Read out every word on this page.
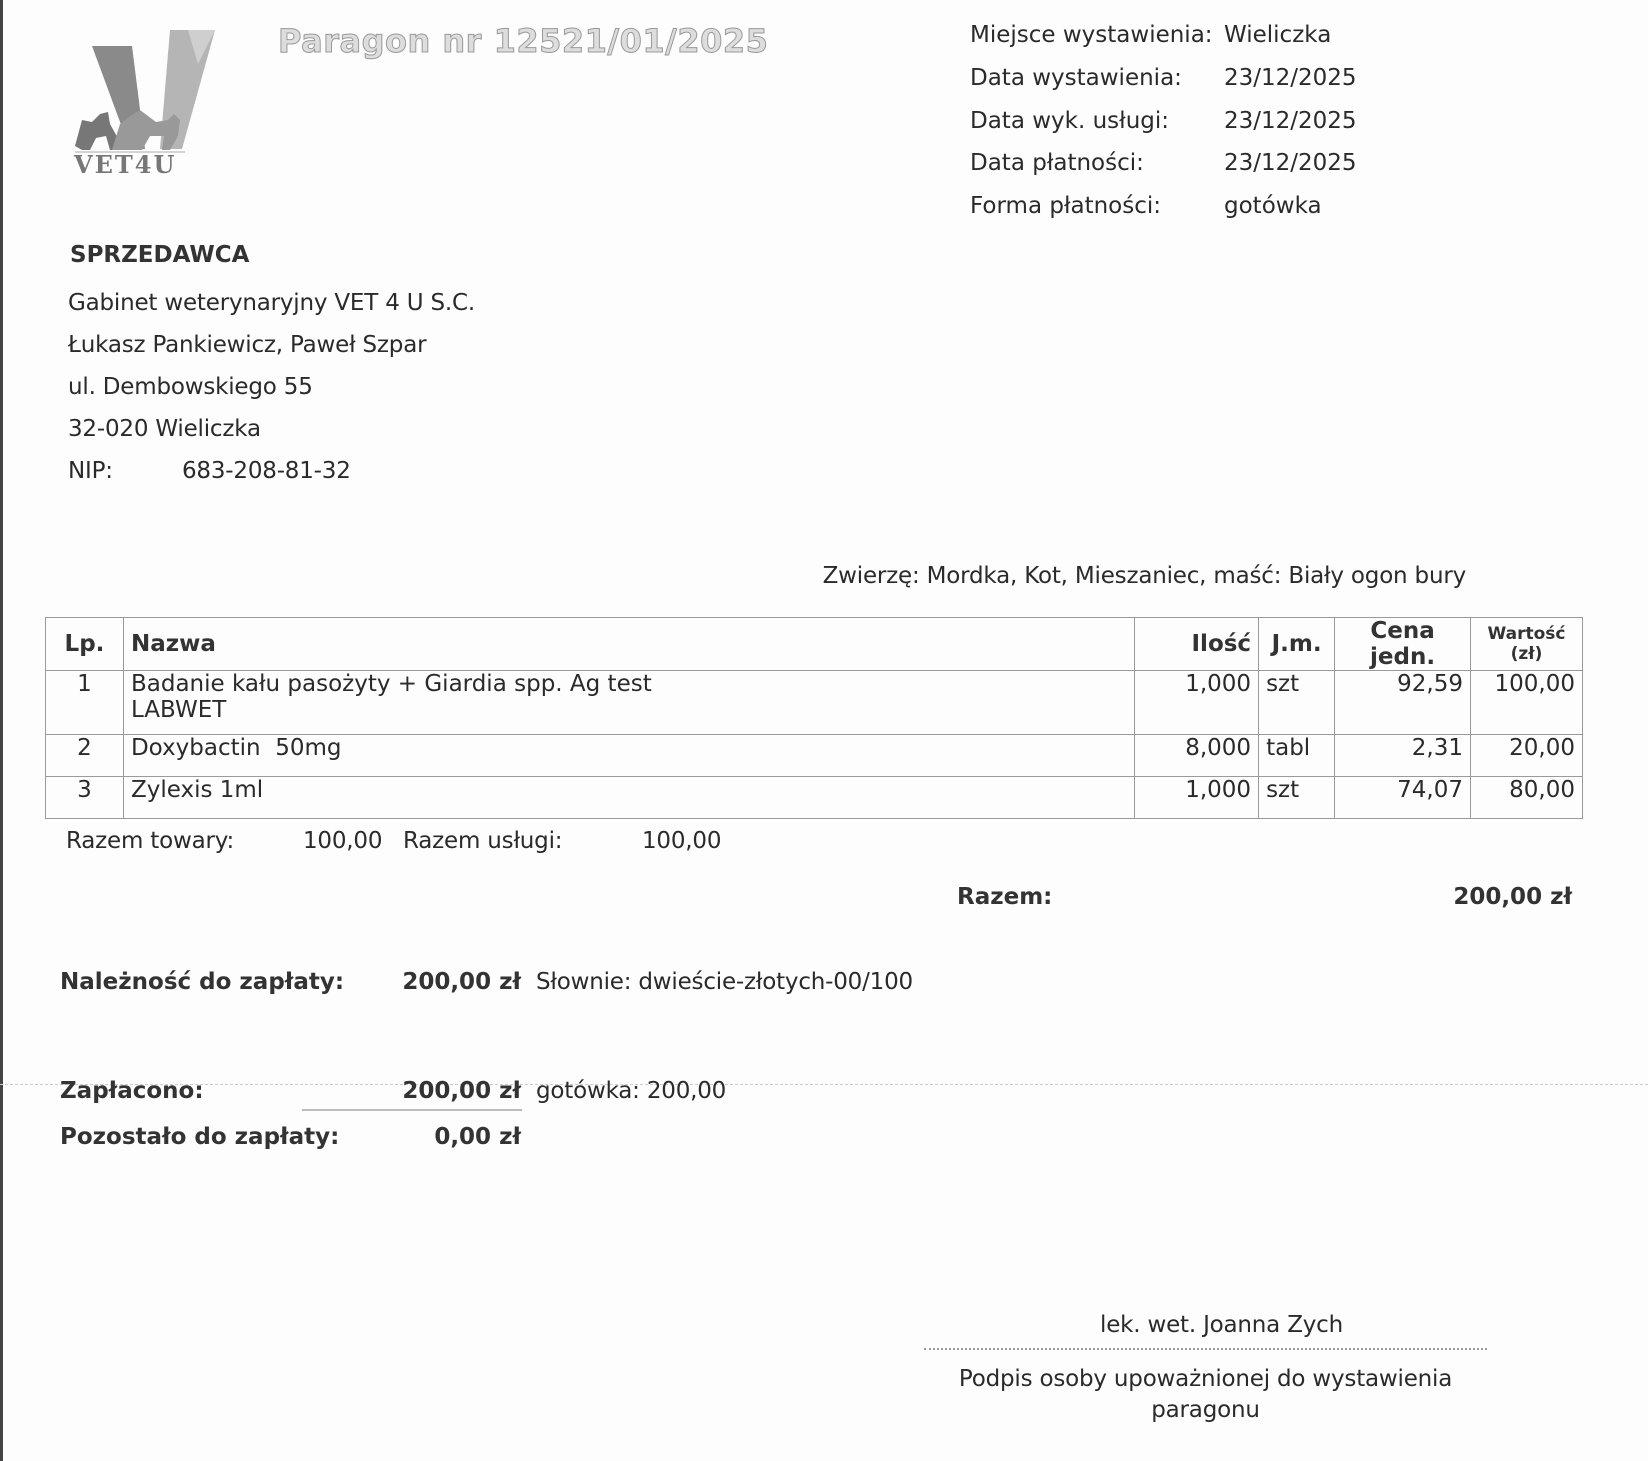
VET4U
Paragon nr 12521/01/2025	Miejsce wystawienia: Wieliczka
Data wystawienia: 23/12/2025
Data wyk. usługi: 23/12/2025
Data płatności:	23/12/2025
Forma płatności:	gotówka
SPRZEDAWCA
Gabinet weterynaryjny VET 4 U S.C.
Łukasz Pankiewicz, Paweł Szpar
ul. Dembowskiego 55
32-020 Wieliczka
NIP:	683-208-81-32
Zwierzę: Mordka, Kot, Mieszaniec, maść: Biały ogon bury
Lp.	Nazwa	Ilość	J.m.	Cena jedn.	Wartość (zł)
1	Badanie kału pasożyty + Giardia spp. Ag test
LABWET	1,000	szt	92,59	100,00
2	Doxybactin  50mg	8,000	tabl	2,31	20,00
3	Zylexis 1ml	1,000	szt	74,07	80,00
Razem towary:	100,00 Razem usługi:	100,00
Razem:	200,00 zł
Należność do zapłaty:	200,00 zł Słownie: dwieście-złotych-00/100
Zapłacono:	200,00 zł gotówka: 200,00
Pozostało do zapłaty:	0,00 zł
lek. wet. Joanna Zych
Podpis osoby upoważnionej do wystawienia
paragonu
